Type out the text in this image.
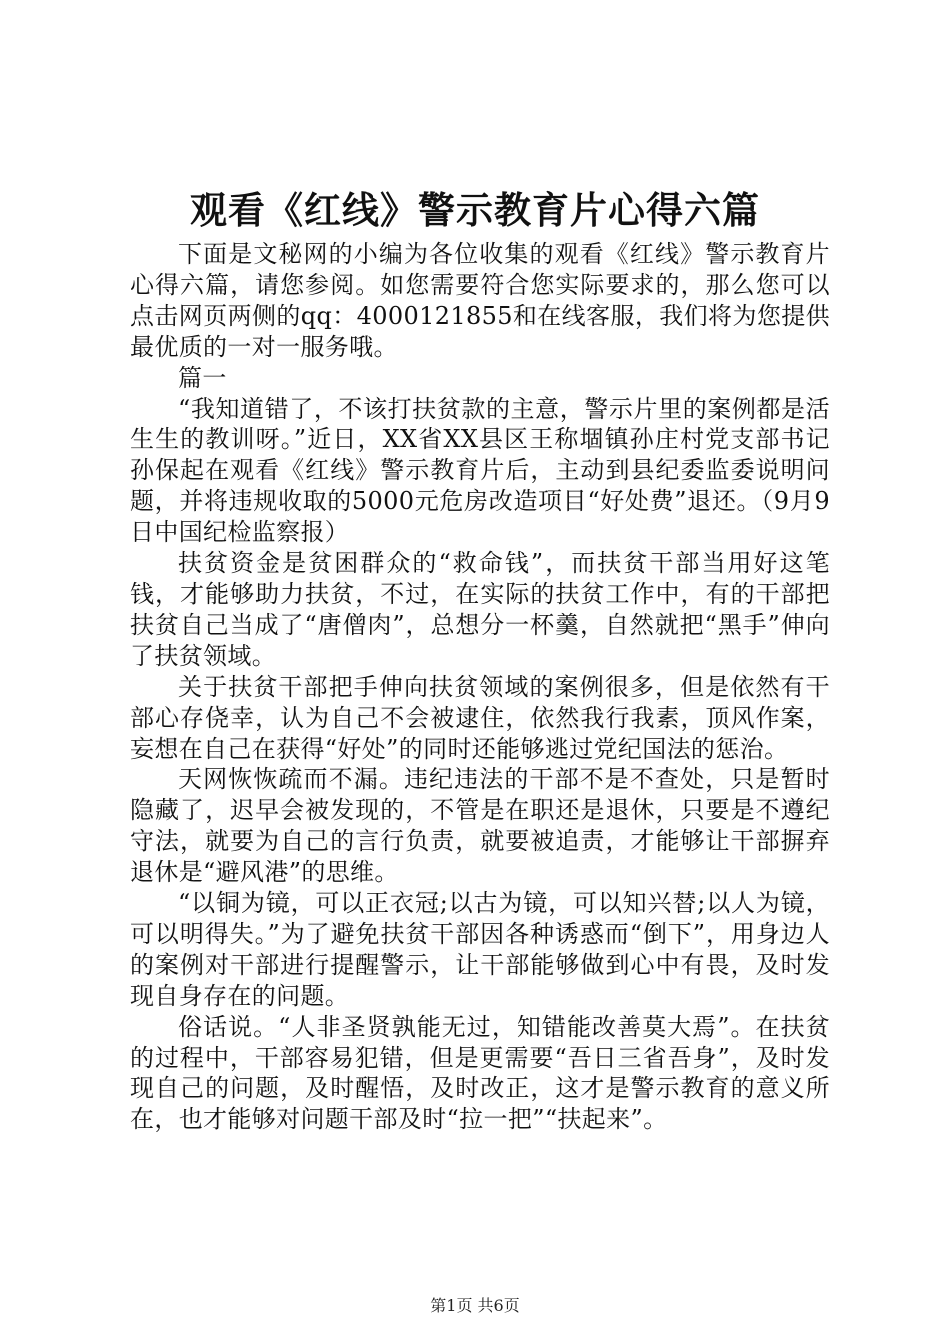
观看《红线》警示教育片心得六篇

下面是文秘网的小编为各位收集的观看《红线》警示教育片心得六篇，请您参阅。如您需要符合您实际要求的，那么您可以点击网页两侧的qq：4000121855和在线客服，我们将为您提供最优质的一对一服务哦。

篇一

“我知道错了，不该打扶贫款的主意，警示片里的案例都是活生生的教训呀。”近日，XX省XX县区王称堌镇孙庄村党支部书记孙保起在观看《红线》警示教育片后，主动到县纪委监委说明问题，并将违规收取的5000元危房改造项目“好处费”退还。（9月9日中国纪检监察报）

扶贫资金是贫困群众的“救命钱”，而扶贫干部当用好这笔钱，才能够助力扶贫，不过，在实际的扶贫工作中，有的干部把扶贫自己当成了“唐僧肉”，总想分一杯羹，自然就把“黑手”伸向了扶贫领域。

关于扶贫干部把手伸向扶贫领域的案例很多，但是依然有干部心存侥幸，认为自己不会被逮住，依然我行我素，顶风作案，妄想在自己在获得“好处”的同时还能够逃过党纪国法的惩治。

天网恢恢疏而不漏。违纪违法的干部不是不查处，只是暂时隐藏了，迟早会被发现的，不管是在职还是退休，只要是不遵纪守法，就要为自己的言行负责，就要被追责，才能够让干部摒弃退休是“避风港”的思维。

“以铜为镜，可以正衣冠;以古为镜，可以知兴替;以人为镜，可以明得失。”为了避免扶贫干部因各种诱惑而“倒下”，用身边人的案例对干部进行提醒警示，让干部能够做到心中有畏，及时发现自身存在的问题。

俗话说。“人非圣贤孰能无过，知错能改善莫大焉”。在扶贫的过程中，干部容易犯错，但是更需要“吾日三省吾身”，及时发现自己的问题，及时醒悟，及时改正，这才是警示教育的意义所在，也才能够对问题干部及时“拉一把”“扶起来”。

第1页 共6页
